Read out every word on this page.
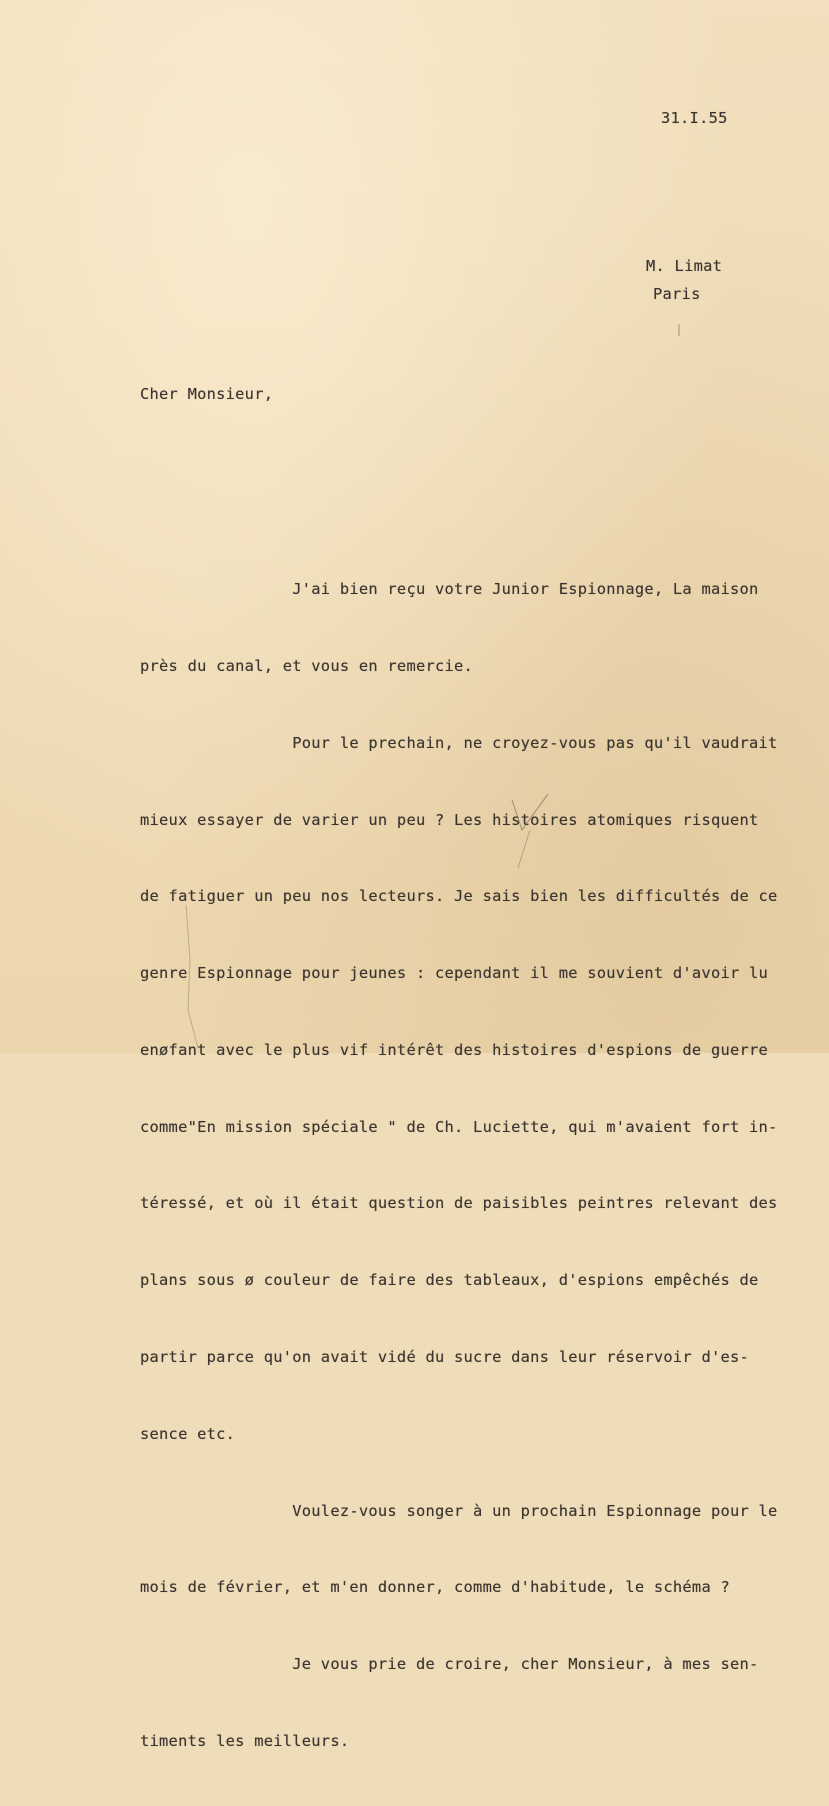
31.I.55
M. Limat
Paris
Cher Monsieur,

J'ai bien reçu votre Junior Espionnage, La maison

près du canal, et vous en remercie.

Pour le prechain, ne croyez-vous pas qu'il vaudrait

mieux essayer de varier un peu ? Les histoires atomiques risquent

de fatiguer un peu nos lecteurs. Je sais bien les difficultés de ce

genre Espionnage pour jeunes : cependant il me souvient d'avoir lu

enøfant avec le plus vif intérêt des histoires d'espions de guerre

comme"En mission spéciale " de Ch. Luciette, qui m'avaient fort in-

téressé, et où il était question de paisibles peintres relevant des

plans sous ø couleur de faire des tableaux, d'espions empêchés de

partir parce qu'on avait vidé du sucre dans leur réservoir d'es-

sence etc.

Voulez-vous songer à un prochain Espionnage pour le

mois de février, et m'en donner, comme d'habitude, le schéma ?

Je vous prie de croire, cher Monsieur, à mes sen-

timents les meilleurs.
